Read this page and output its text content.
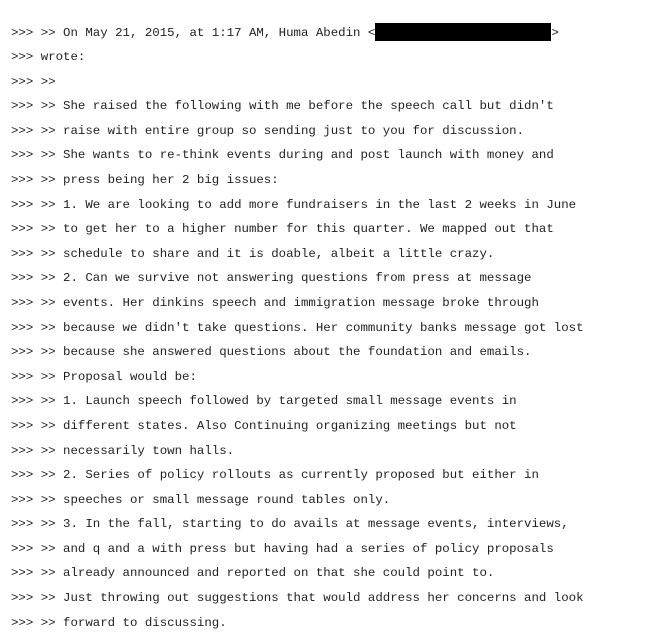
>>> >> On May 21, 2015, at 1:17 AM, Huma Abedin <	>
>>> wrote:
>>> >>
>>> >> She raised the following with me before the speech call but didn't
>>> >> raise with entire group so sending just to you for discussion.
>>> >> She wants to re-think events during and post launch with money and
>>> >> press being her 2 big issues:
>>> >> 1. We are looking to add more fundraisers in the last 2 weeks in June
>>> >> to get her to a higher number for this quarter. We mapped out that
>>> >> schedule to share and it is doable, albeit a little crazy.
>>> >> 2. Can we survive not answering questions from press at message
>>> >> events. Her dinkins speech and immigration message broke through
>>> >> because we didn't take questions. Her community banks message got lost
>>> >> because she answered questions about the foundation and emails.
>>> >> Proposal would be:
>>> >> 1. Launch speech followed by targeted small message events in
>>> >> different states. Also Continuing organizing meetings but not
>>> >> necessarily town halls.
>>> >> 2. Series of policy rollouts as currently proposed but either in
>>> >> speeches or small message round tables only.
>>> >> 3. In the fall, starting to do avails at message events, interviews,
>>> >> and q and a with press but having had a series of policy proposals
>>> >> already announced and reported on that she could point to.
>>> >> Just throwing out suggestions that would address her concerns and look
>>> >> forward to discussing.
